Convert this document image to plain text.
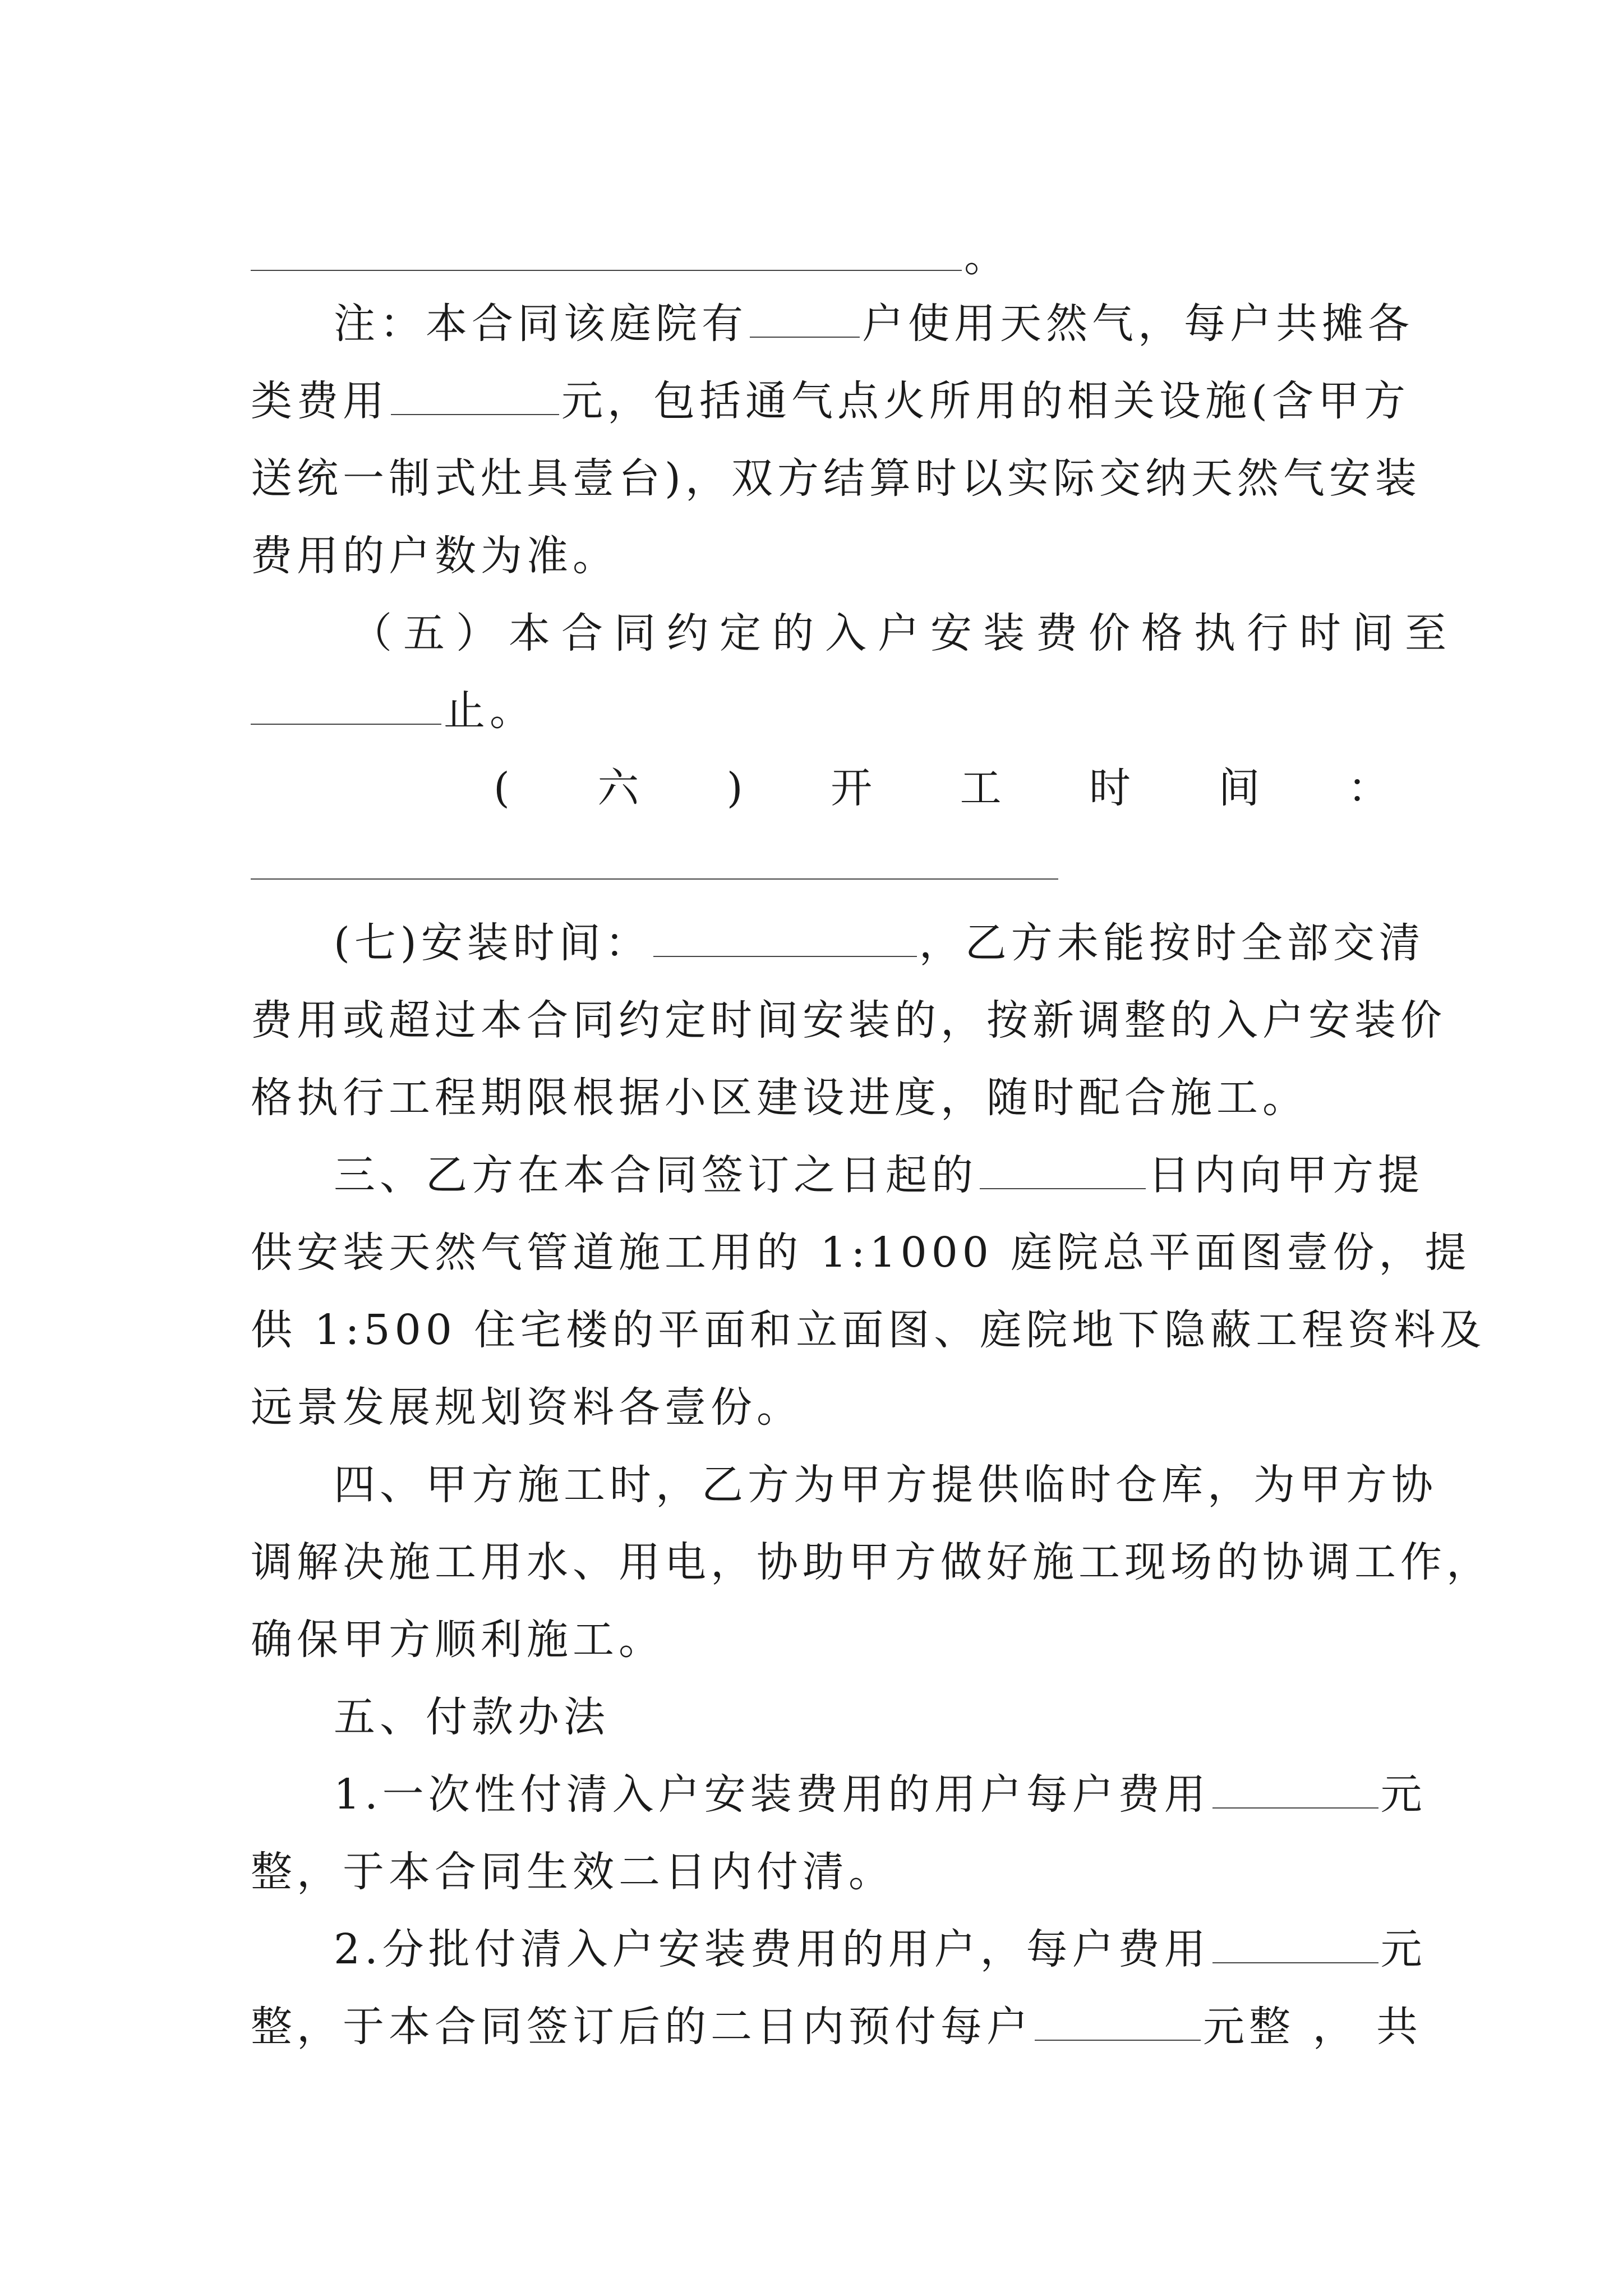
。
注：本合同该庭院有	户使用天然气，每户共摊各
类费用	元，包括通气点火所用的相关设施(含甲方
送统一制式灶具壹台)，双方结算时以实际交纳天然气安装
费用的户数为准。
（五）本合同约定的入户安装费价格执行时间至
止。
( 六 ) 开 工 时 间 ：
(七)安装时间：	，乙方未能按时全部交清
费用或超过本合同约定时间安装的，按新调整的入户安装价
格执行工程期限根据小区建设进度，随时配合施工。
三、乙方在本合同签订之日起的	日内向甲方提
供安装天然气管道施工用的 1:1000 庭院总平面图壹份，提
供 1:500 住宅楼的平面和立面图、庭院地下隐蔽工程资料及
远景发展规划资料各壹份。
四、甲方施工时，乙方为甲方提供临时仓库，为甲方协
调解决施工用水、用电，协助甲方做好施工现场的协调工作，
确保甲方顺利施工。
五、付款办法
1.一次性付清入户安装费用的用户每户费用	元
整，于本合同生效二日内付清。
2.分批付清入户安装费用的用户，每户费用	元
整，于本合同签订后的二日内预付每户	元整 ， 共
